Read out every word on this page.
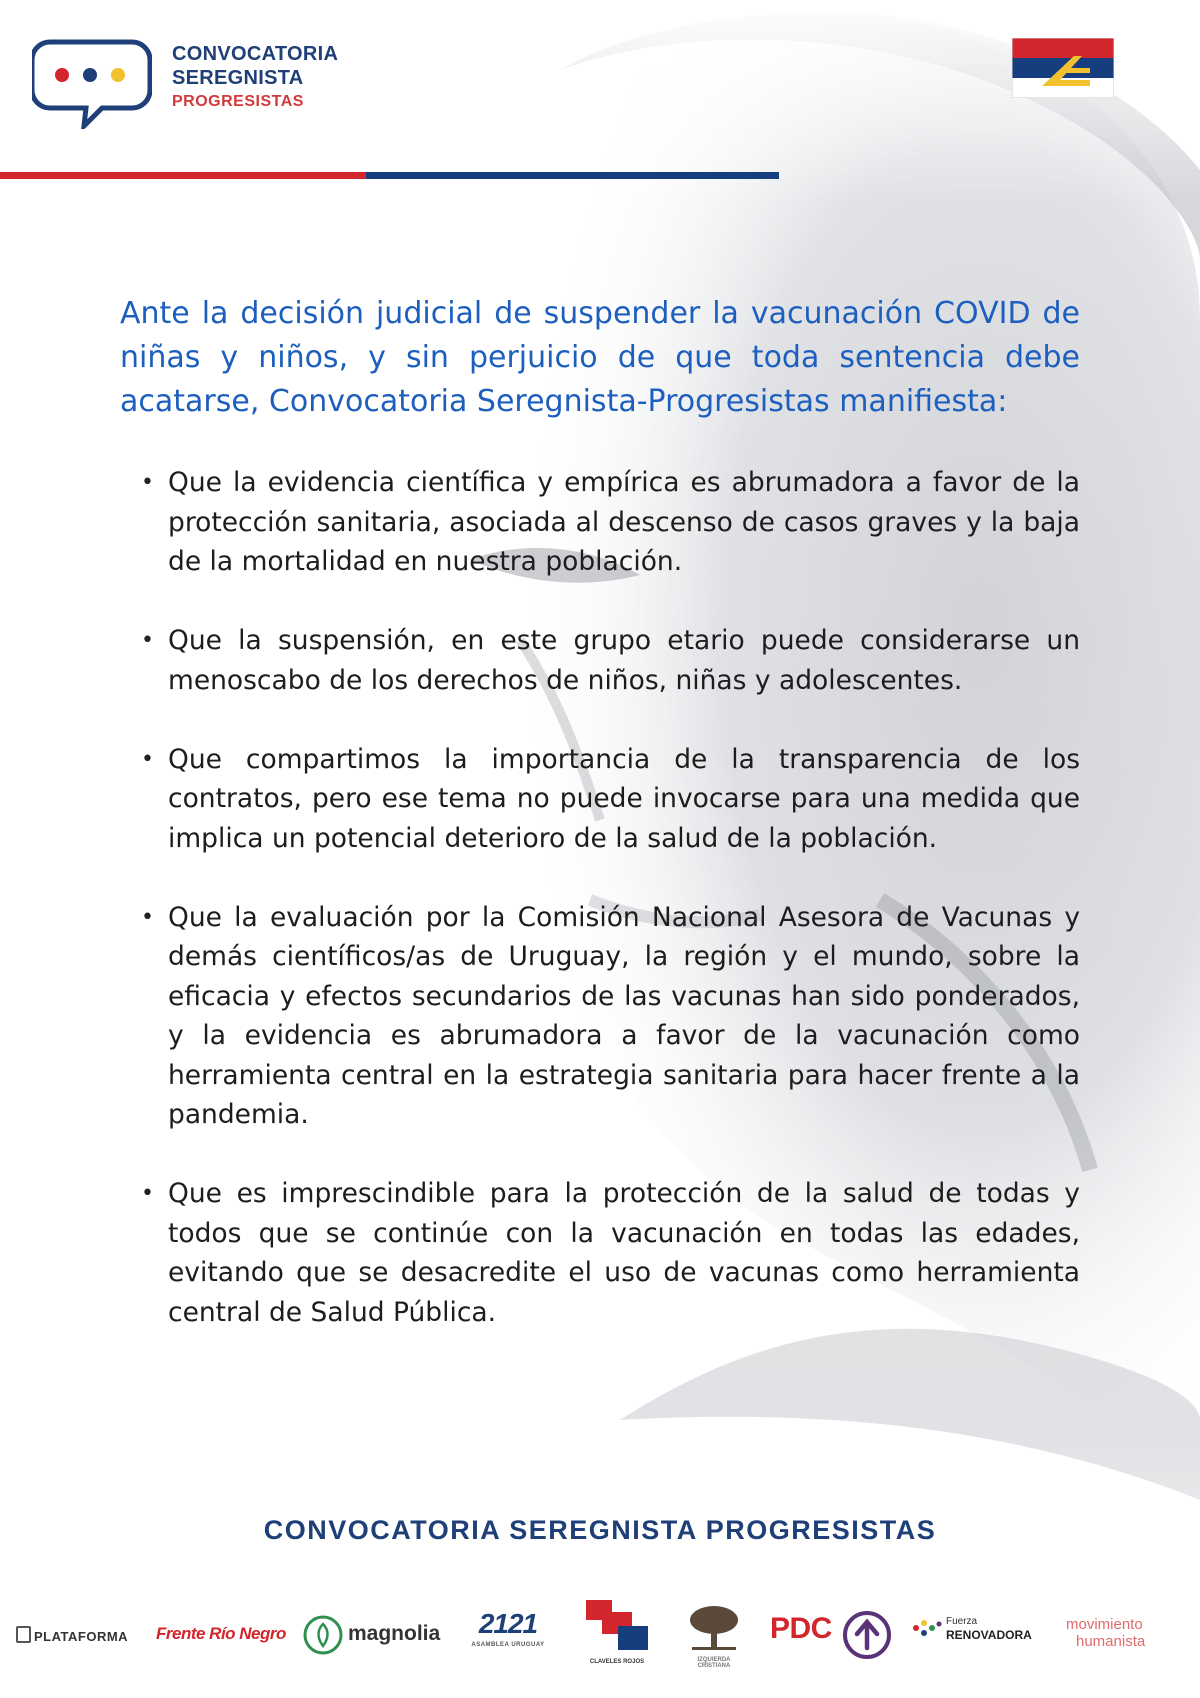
CONVOCATORIA
SEREGNISTA
PROGRESISTAS

Ante la decisión judicial de suspender la vacunación COVID de niñas y niños, y sin perjuicio de que toda sentencia debe acatarse, Convocatoria Seregnista-Progresistas manifiesta:

• Que la evidencia científica y empírica es abrumadora a favor de la protección sanitaria, asociada al descenso de casos graves y la baja de la mortalidad en nuestra población.
• Que la suspensión, en este grupo etario puede considerarse un menoscabo de los derechos de niños, niñas y adolescentes.
• Que compartimos la importancia de la transparencia de los contratos, pero ese tema no puede invocarse para una medida que implica un potencial deterioro de la salud de la población.
• Que la evaluación por la Comisión Nacional Asesora de Vacunas y demás científicos/as de Uruguay, la región y el mundo, sobre la eficacia y efectos secundarios de las vacunas han sido ponderados, y la evidencia es abrumadora a favor de la vacunación como herramienta central en la estrategia sanitaria para hacer frente a la pandemia.
• Que es imprescindible para la protección de la salud de todas y todos que se continúe con la vacunación en todas las edades, evitando que se desacredite el uso de vacunas como herramienta central de Salud Pública.
CONVOCATORIA SEREGNISTA PROGRESISTAS
PLATAFORMA Frente Río Negro	magnolia	2121
ASAMBLEA URUGUAY
CLAVELES ROJOS	IZQUIERDA CRISTIANA
PDC	Fuerza
RENOVADORA
movimiento
humanista
